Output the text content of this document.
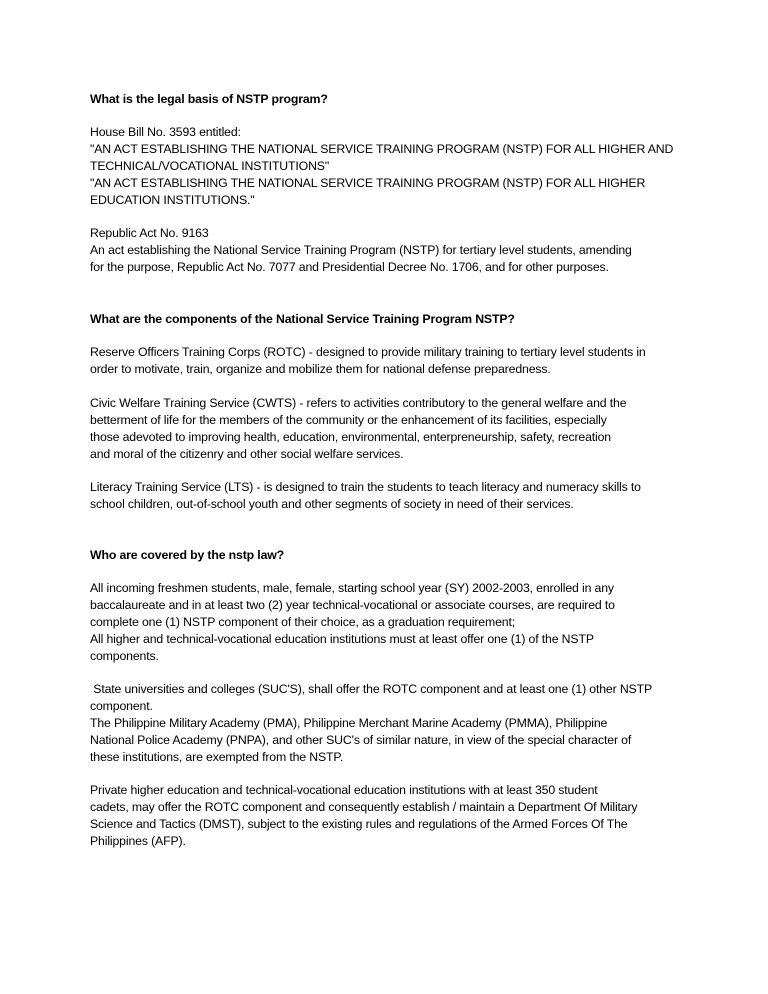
What is the legal basis of NSTP program?
House Bill No. 3593 entitled:
"AN ACT ESTABLISHING THE NATIONAL SERVICE TRAINING PROGRAM (NSTP) FOR ALL HIGHER AND
TECHNICAL/VOCATIONAL INSTITUTIONS"
"AN ACT ESTABLISHING THE NATIONAL SERVICE TRAINING PROGRAM (NSTP) FOR ALL HIGHER
EDUCATION INSTITUTIONS."
Republic Act No. 9163
An act establishing the National Service Training Program (NSTP) for tertiary level students, amending
for the purpose, Republic Act No. 7077 and Presidential Decree No. 1706, and for other purposes.
What are the components of the National Service Training Program NSTP?
Reserve Officers Training Corps (ROTC) - designed to provide military training to tertiary level students in
order to motivate, train, organize and mobilize them for national defense preparedness.
Civic Welfare Training Service (CWTS) - refers to activities contributory to the general welfare and the
betterment of life for the members of the community or the enhancement of its facilities, especially
those adevoted to improving health, education, environmental, enterpreneurship, safety, recreation
and moral of the citizenry and other social welfare services.
Literacy Training Service (LTS) - is designed to train the students to teach literacy and numeracy skills to
school children, out-of-school youth and other segments of society in need of their services.
Who are covered by the nstp law?
All incoming freshmen students, male, female, starting school year (SY) 2002-2003, enrolled in any
baccalaureate and in at least two (2) year technical-vocational or associate courses, are required to
complete one (1) NSTP component of their choice, as a graduation requirement;
All higher and technical-vocational education institutions must at least offer one (1) of the NSTP
components.
State universities and colleges (SUC'S), shall offer the ROTC component and at least one (1) other NSTP
component.
The Philippine Military Academy (PMA), Philippine Merchant Marine Academy (PMMA), Philippine
National Police Academy (PNPA), and other SUC's of similar nature, in view of the special character of
these institutions, are exempted from the NSTP.
Private higher education and technical-vocational education institutions with at least 350 student
cadets, may offer the ROTC component and consequently establish / maintain a Department Of Military
Science and Tactics (DMST), subject to the existing rules and regulations of the Armed Forces Of The
Philippines (AFP).
